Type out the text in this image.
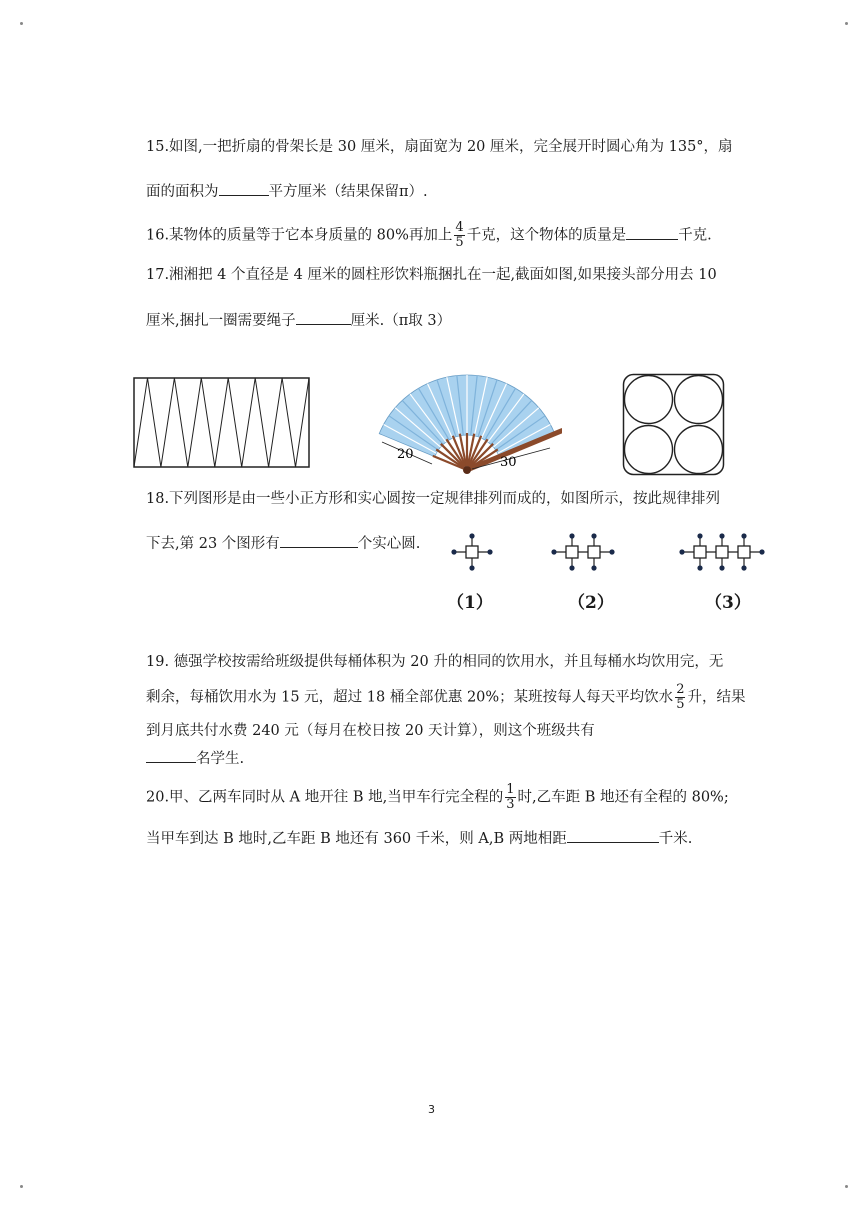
15.如图,一把折扇的骨架长是 30 厘米，扇面宽为 20 厘米，完全展开时圆心角为 135°，扇
面的面积为	平方厘米（结果保留π）.
16.某物体的质量等于它本身质量的 80%再加上 $\frac{4}{5}$ 千克，这个物体的质量是	千克.
17.湘湘把 4 个直径是 4 厘米的圆柱形饮料瓶捆扎在一起,截面如图,如果接头部分用去 10
厘米,捆扎一圈需要绳子	厘米.（π取 3）
20
30
18.下列图形是由一些小正方形和实心圆按一定规律排列而成的，如图所示，按此规律排列
下去,第 23 个图形有	个实心圆.
（1）	（2）	（3）
19. 德强学校按需给班级提供每桶体积为 20 升的相同的饮用水，并且每桶水均饮用完，无
剩余，每桶饮用水为 15 元，超过 18 桶全部优惠 20%；某班按每人每天平均饮水 $\frac{2}{5}$ 升，结果
到月底共付水费 240 元（每月在校日按 20 天计算），则这个班级共有
名学生.
20.甲、乙两车同时从 A 地开往 B 地,当甲车行完全程的 $\frac{1}{3}$ 时,乙车距 B 地还有全程的 80%;
当甲车到达 B 地时,乙车距 B 地还有 360 千米，则 A,B 两地相距	千米.
3
